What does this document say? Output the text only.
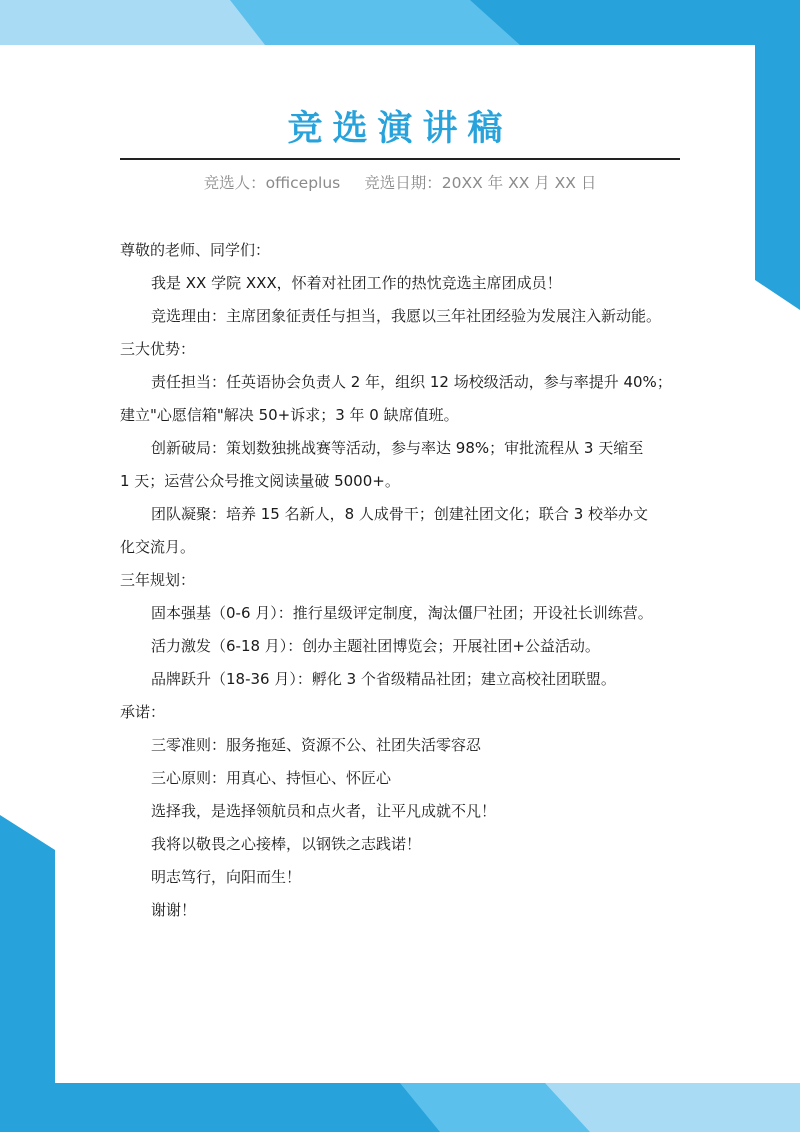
竞选演讲稿
竞选人：officeplus 竞选日期：20XX 年 XX 月 XX 日
尊敬的老师、同学们：
我是 XX 学院 XXX，怀着对社团工作的热忱竞选主席团成员！
竞选理由：主席团象征责任与担当，我愿以三年社团经验为发展注入新动能。
三大优势：
责任担当：任英语协会负责人 2 年，组织 12 场校级活动，参与率提升 40%；
建立"心愿信箱"解决 50+诉求；3 年 0 缺席值班。
创新破局：策划数独挑战赛等活动，参与率达 98%；审批流程从 3 天缩至
1 天；运营公众号推文阅读量破 5000+。
团队凝聚：培养 15 名新人，8 人成骨干；创建社团文化；联合 3 校举办文
化交流月。
三年规划：
固本强基（0-6 月）：推行星级评定制度，淘汰僵尸社团；开设社长训练营。
活力激发（6-18 月）：创办主题社团博览会；开展社团+公益活动。
品牌跃升（18-36 月）：孵化 3 个省级精品社团；建立高校社团联盟。
承诺：
三零准则：服务拖延、资源不公、社团失活零容忍
三心原则：用真心、持恒心、怀匠心
选择我，是选择领航员和点火者，让平凡成就不凡！
我将以敬畏之心接棒，以钢铁之志践诺！
明志笃行，向阳而生！
谢谢！
